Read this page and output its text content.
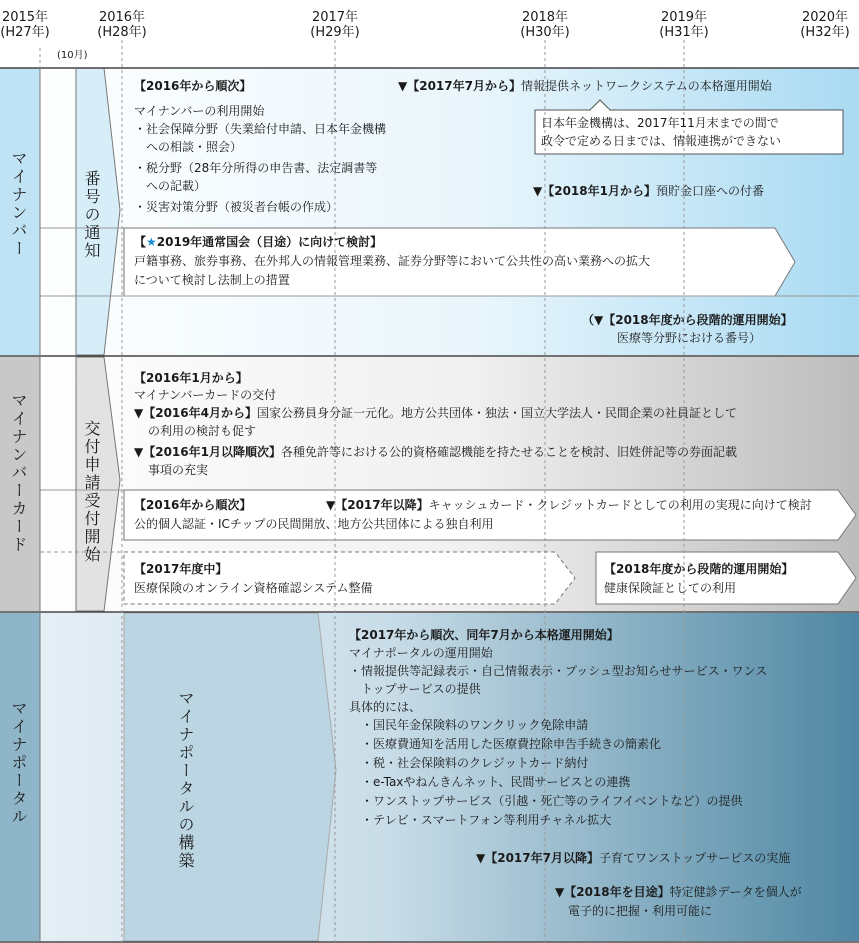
2015年
(H27年)
2016年
(H28年)
2017年
(H29年)
2018年
(H30年)
2019年
(H31年)
2020年
(H32年)
(10月)
マイナンバー
マイナンバーカード
マイナポータル
番号の通知
交付申請受付開始
マイナポータルの構築
【2016年から順次】
マイナンバーの利用開始
・社会保障分野（失業給付申請、日本年金機構
　への相談・照会）
・税分野（28年分所得の申告書、法定調書等
　への記載）
・災害対策分野（被災者台帳の作成）
▼【2017年7月から】情報提供ネットワークシステムの本格運用開始
日本年金機構は、2017年11月末までの間で
政令で定める日までは、情報連携ができない
▼【2018年1月から】預貯金口座への付番
【★2019年通常国会（目途）に向けて検討】
戸籍事務、旅券事務、在外邦人の情報管理業務、証券分野等において公共性の高い業務への拡大
について検討し法制上の措置
（▼【2018年度から段階的運用開始】
医療等分野における番号）
【2016年1月から】
マイナンバーカードの交付
▼【2016年4月から】国家公務員身分証一元化。地方公共団体・独法・国立大学法人・民間企業の社員証として
の利用の検討も促す
▼【2016年1月以降順次】各種免許等における公的資格確認機能を持たせることを検討、旧姓併記等の券面記載
事項の充実
【2016年から順次】	▼【2017年以降】キャッシュカード・クレジットカードとしての利用の実現に向けて検討
公的個人認証・ICチップの民間開放、地方公共団体による独自利用
【2017年度中】
医療保険のオンライン資格確認システム整備
【2018年度から段階的運用開始】
健康保険証としての利用
【2017年から順次、同年7月から本格運用開始】
マイナポータルの運用開始
・情報提供等記録表示・自己情報表示・プッシュ型お知らせサービス・ワンス
　トップサービスの提供
具体的には、
　・国民年金保険料のワンクリック免除申請
　・医療費通知を活用した医療費控除申告手続きの簡素化
　・税・社会保険料のクレジットカード納付
　・e-Taxやねんきんネット、民間サービスとの連携
　・ワンストップサービス（引越・死亡等のライフイベントなど）の提供
　・テレビ・スマートフォン等利用チャネル拡大
▼【2017年7月以降】子育てワンストップサービスの実施
▼【2018年を目途】特定健診データを個人が
電子的に把握・利用可能に
